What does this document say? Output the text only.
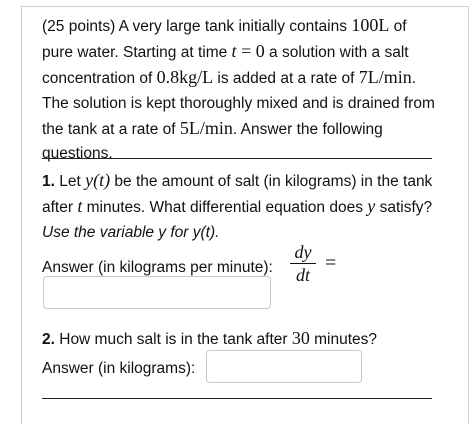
(25 points) A very large tank initially contains 100L of pure water. Starting at time t = 0 a solution with a salt concentration of 0.8kg/L is added at a rate of 7L/min. The solution is kept thoroughly mixed and is drained from the tank at a rate of 5L/min. Answer the following questions.
1. Let y(t) be the amount of salt (in kilograms) in the tank after t minutes. What differential equation does y satisfy? Use the variable y for y(t).
Answer (in kilograms per minute): $\frac{dy}{dt}$ =
2. How much salt is in the tank after 30 minutes?
Answer (in kilograms):
